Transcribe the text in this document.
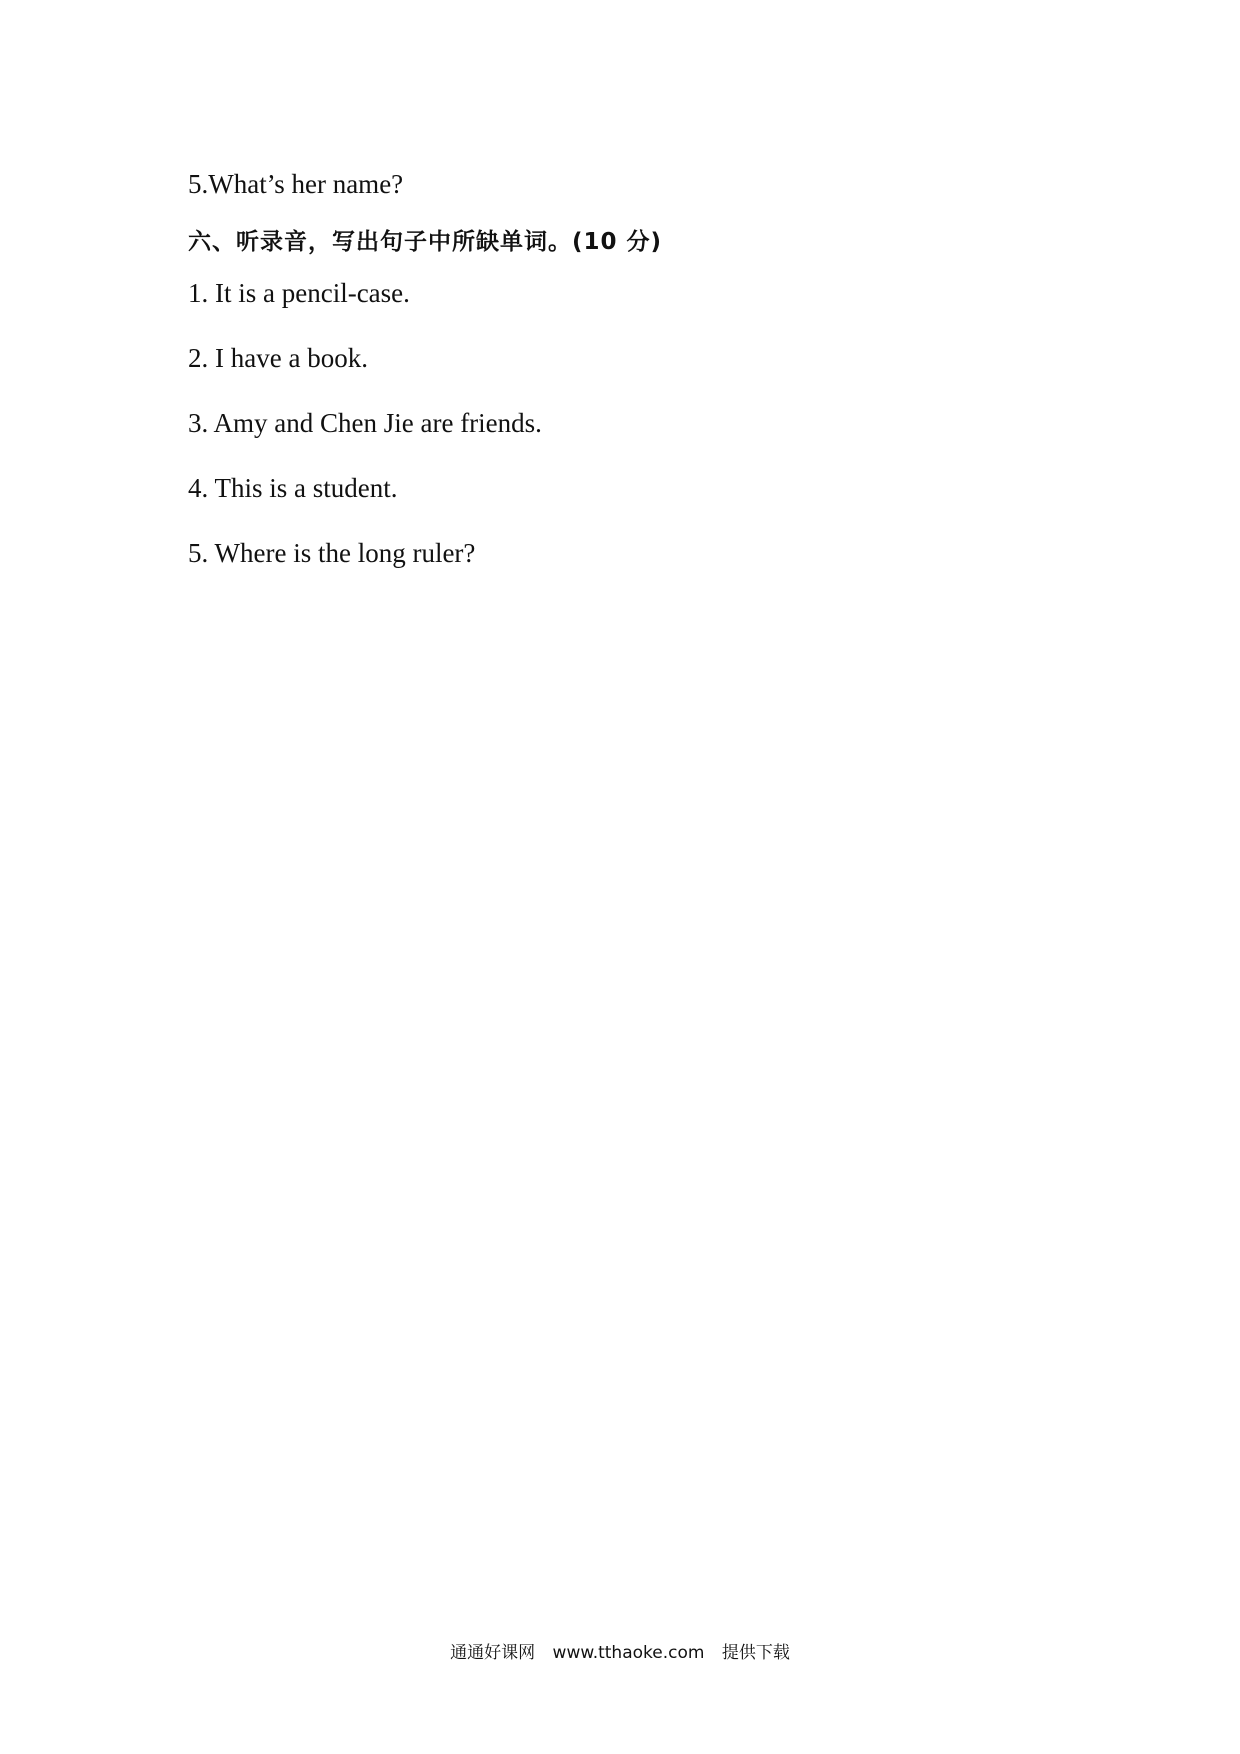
5.What’s her name?
六、听录音，写出句子中所缺单词。(10 分)
1. It is a pencil-case.
2. I have a book.
3. Amy and Chen Jie are friends.
4. This is a student.
5. Where is the long ruler?
通通好课网 www.tthaoke.com 提供下载
